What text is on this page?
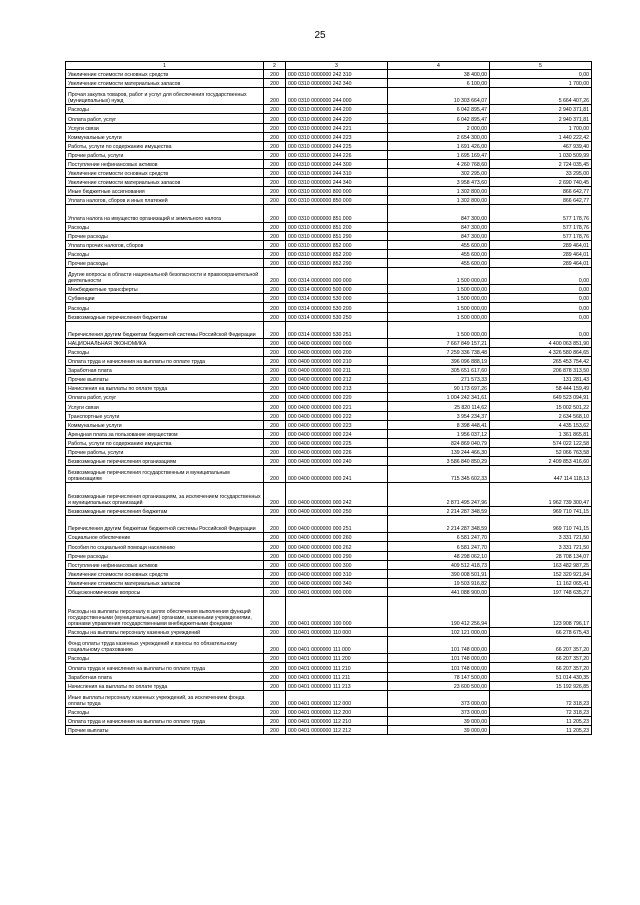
25
1	2	3	4	5
Увеличение стоимости основных средств	200	000 0310 0000000 242 310	38 400,00	0,00
Увеличение стоимости материальных запасов	200	000 0310 0000000 242 340	6 100,00	1 700,00
Прочая закупка товаров, работ и услуг для обеспечения государственных (муниципальных) нужд	200	000 0310 0000000 244 000	10 303 664,07	5 664 407,26
Расходы	200	000 0310 0000000 244 200	6 042 895,47	2 940 371,81
Оплата работ, услуг	200	000 0310 0000000 244 220	6 042 895,47	2 940 371,81
Услуги связи	200	000 0310 0000000 244 221	2 000,00	1 700,00
Коммунальные услуги	200	000 0310 0000000 244 223	2 654 300,00	1 440 222,42
Работы, услуги по содержанию имущества	200	000 0310 0000000 244 225	1 691 426,00	467 939,40
Прочие работы, услуги	200	000 0310 0000000 244 226	1 695 169,47	1 030 509,99
Поступление нефинансовых активов	200	000 0310 0000000 244 300	4 260 768,60	2 724 035,45
Увеличение стоимости основных средств	200	000 0310 0000000 244 310	302 295,00	33 295,00
Увеличение стоимости материальных запасов	200	000 0310 0000000 244 340	3 958 473,60	2 690 740,45
Иные бюджетные ассигнования	200	000 0310 0000000 800 000	1 302 800,00	866 642,77
Уплата налогов, сборов и иных платежей	200	000 0310 0000000 850 000	1 302 800,00	866 642,77
Уплата налога на имущество организаций и земельного налога	200	000 0310 0000000 851 000	847 300,00	577 178,76
Расходы	200	000 0310 0000000 851 200	847 300,00	577 178,76
Прочие расходы	200	000 0310 0000000 851 290	847 300,00	577 178,76
Уплата прочих налогов, сборов	200	000 0310 0000000 852 000	455 600,00	289 464,01
Расходы	200	000 0310 0000000 852 200	455 600,00	289 464,01
Прочие расходы	200	000 0310 0000000 852 290	455 600,00	289 464,01
Другие вопросы в области национальной безопасности и правоохранительной деятельности	200	000 0314 0000000 000 000	1 500 000,00	0,00
Межбюджетные трансферты	200	000 0314 0000000 500 000	1 500 000,00	0,00
Субвенции	200	000 0314 0000000 530 000	1 500 000,00	0,00
Расходы	200	000 0314 0000000 530 200	1 500 000,00	0,00
Безвозмездные перечисления бюджетам	200	000 0314 0000000 530 250	1 500 000,00	0,00
Перечисления другим бюджетам бюджетной системы Российской Федерации	200	000 0314 0000000 530 251	1 500 000,00	0,00
НАЦИОНАЛЬНАЯ ЭКОНОМИКА	200	000 0400 0000000 000 000	7 667 849 157,21	4 400 063 851,90
Расходы	200	000 0400 0000000 000 200	7 259 336 738,48	4 326 580 864,65
Оплата труда и начисления на выплаты по оплате труда	200	000 0400 0000000 000 210	396 096 888,19	265 453 754,42
Заработная плата	200	000 0400 0000000 000 211	305 651 617,60	206 878 313,50
Прочие выплаты	200	000 0400 0000000 000 212	271 573,33	131 281,43
Начисления на выплаты по оплате труда	200	000 0400 0000000 000 213	90 173 697,26	58 444 159,49
Оплата работ, услуг	200	000 0400 0000000 000 220	1 004 242 341,61	649 523 094,91
Услуги связи	200	000 0400 0000000 000 221	25 820 114,62	15 002 501,22
Транспортные услуги	200	000 0400 0000000 000 222	3 954 234,37	2 634 568,10
Коммунальные услуги	200	000 0400 0000000 000 223	8 398 448,41	4 435 153,62
Арендная плата за пользование имуществом	200	000 0400 0000000 000 224	1 956 037,12	1 361 865,81
Работы, услуги по содержанию имущества	200	000 0400 0000000 000 225	824 869 040,79	574 022 122,58
Прочие работы, услуги	200	000 0400 0000000 000 226	139 244 466,30	52 066 763,58
Безвозмездные перечисления организациям	200	000 0400 0000000 000 240	3 586 840 850,29	2 409 853 416,60
Безвозмездные перечисления государственным и муниципальным организациям	200	000 0400 0000000 000 241	715 345 602,33	447 114 118,13
Безвозмездные перечисления организациям, за исключением государственных и муниципальных организаций	200	000 0400 0000000 000 242	2 871 495 247,96	1 962 739 300,47
Безвозмездные перечисления бюджетам	200	000 0400 0000000 000 250	2 214 287 348,59	969 710 741,15
Перечисления другим бюджетам бюджетной системы Российской Федерации	200	000 0400 0000000 000 251	2 214 287 348,59	969 710 741,15
Социальное обеспечение	200	000 0400 0000000 000 260	6 581 247,70	3 331 721,50
Пособия по социальной помощи населению	200	000 0400 0000000 000 262	6 581 247,70	3 331 721,50
Прочие расходы	200	000 0400 0000000 000 290	48 298 062,10	28 708 134,07
Поступление нефинансовых активов	200	000 0400 0000000 000 300	409 512 418,73	163 482 987,25
Увеличение стоимости основных средств	200	000 0400 0000000 000 310	390 008 501,91	152 320 921,84
Увеличение стоимости материальных запасов	200	000 0400 0000000 000 340	19 503 916,82	11 162 065,41
Общеэкономические вопросы	200	000 0401 0000000 000 000	441 088 900,00	197 748 635,27
Расходы на выплаты персоналу в целях обеспечения выполнения функций государственными (муниципальными) органами, казенными учреждениями, органами управления государственными внебюджетными фондами	200	000 0401 0000000 100 000	190 412 256,94	123 908 796,17
Расходы на выплаты персоналу казенных учреждений	200	000 0401 0000000 110 000	102 121 000,00	66 278 675,43
Фонд оплаты труда казенных учреждений и взносы по обязательному социальному страхованию	200	000 0401 0000000 111 000	101 748 000,00	66 207 357,20
Расходы	200	000 0401 0000000 111 200	101 748 000,00	66 207 357,20
Оплата труда и начисления на выплаты по оплате труда	200	000 0401 0000000 111 210	101 748 000,00	66 207 357,20
Заработная плата	200	000 0401 0000000 111 211	78 147 500,00	51 014 430,35
Начисления на выплаты по оплате труда	200	000 0401 0000000 111 213	23 600 500,00	15 192 926,85
Иные выплаты персоналу казенных учреждений, за исключением фонда оплаты труда	200	000 0401 0000000 112 000	373 000,00	72 318,23
Расходы	200	000 0401 0000000 112 200	373 000,00	72 318,23
Оплата труда и начисления на выплаты по оплате труда	200	000 0401 0000000 112 210	39 000,00	11 205,23
Прочие выплаты	200	000 0401 0000000 112 212	39 000,00	11 205,23
